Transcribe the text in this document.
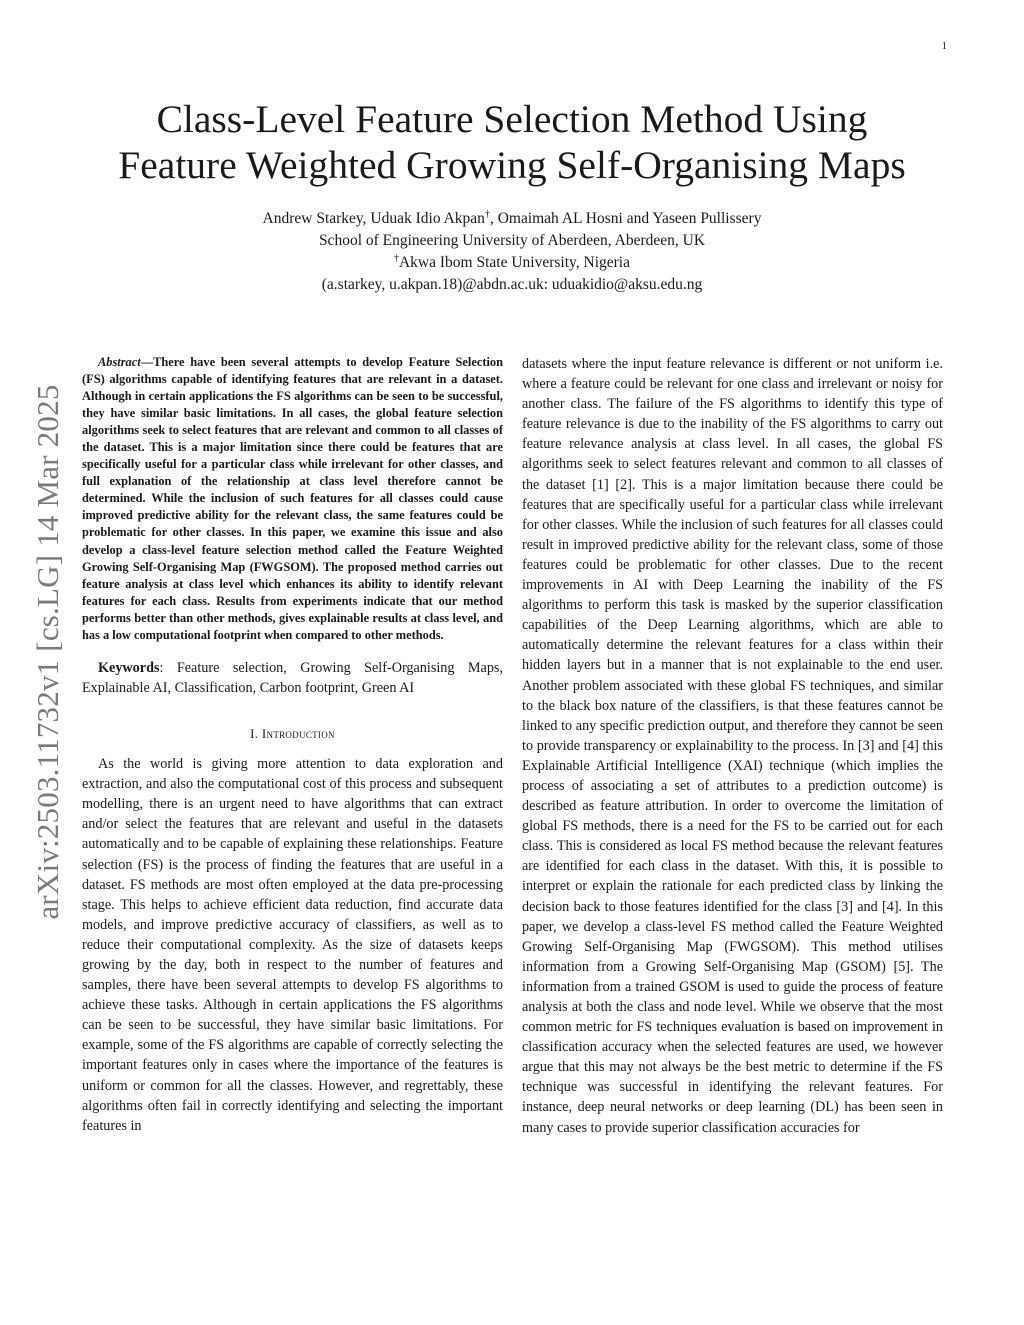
1
arXiv:2503.11732v1 [cs.LG] 14 Mar 2025
Class-Level Feature Selection Method Using
Feature Weighted Growing Self-Organising Maps
Andrew Starkey, Uduak Idio Akpan†, Omaimah AL Hosni and Yaseen Pullissery
School of Engineering University of Aberdeen, Aberdeen, UK
†Akwa Ibom State University, Nigeria
(a.starkey, u.akpan.18)@abdn.ac.uk: uduakidio@aksu.edu.ng

Abstract—There have been several attempts to develop Feature Selection (FS) algorithms capable of identifying features that are relevant in a dataset. Although in certain applications the FS algorithms can be seen to be successful, they have similar basic limitations. In all cases, the global feature selection algorithms seek to select features that are relevant and common to all classes of the dataset. This is a major limitation since there could be features that are specifically useful for a particular class while irrelevant for other classes, and full explanation of the relationship at class level therefore cannot be determined. While the inclusion of such features for all classes could cause improved predictive ability for the relevant class, the same features could be problematic for other classes. In this paper, we examine this issue and also develop a class-level feature selection method called the Feature Weighted Growing Self-Organising Map (FWGSOM). The proposed method carries out feature analysis at class level which enhances its ability to identify relevant features for each class. Results from experiments indicate that our method performs better than other methods, gives explainable results at class level, and has a low computational footprint when compared to other methods.

Keywords: Feature selection, Growing Self-Organising Maps, Explainable AI, Classification, Carbon footprint, Green AI

I. Introduction

As the world is giving more attention to data exploration and extraction, and also the computational cost of this process and subsequent modelling, there is an urgent need to have algorithms that can extract and/or select the features that are relevant and useful in the datasets automatically and to be capable of explaining these relationships. Feature selection (FS) is the process of finding the features that are useful in a dataset. FS methods are most often employed at the data pre-processing stage. This helps to achieve efficient data reduction, find accurate data models, and improve predictive accuracy of classifiers, as well as to reduce their computational complexity. As the size of datasets keeps growing by the day, both in respect to the number of features and samples, there have been several attempts to develop FS algorithms to achieve these tasks. Although in certain applications the FS algorithms can be seen to be successful, they have similar basic limitations. For example, some of the FS algorithms are capable of correctly selecting the important features only in cases where the importance of the features is uniform or common for all the classes. However, and regrettably, these algorithms often fail in correctly identifying and selecting the important features in

datasets where the input feature relevance is different or not uniform i.e. where a feature could be relevant for one class and irrelevant or noisy for another class. The failure of the FS algorithms to identify this type of feature relevance is due to the inability of the FS algorithms to carry out feature relevance analysis at class level. In all cases, the global FS algorithms seek to select features relevant and common to all classes of the dataset [1] [2]. This is a major limitation because there could be features that are specifically useful for a particular class while irrelevant for other classes. While the inclusion of such features for all classes could result in improved predictive ability for the relevant class, some of those features could be problematic for other classes. Due to the recent improvements in AI with Deep Learning the inability of the FS algorithms to perform this task is masked by the superior classification capabilities of the Deep Learning algorithms, which are able to automatically determine the relevant features for a class within their hidden layers but in a manner that is not explainable to the end user. Another problem associated with these global FS techniques, and similar to the black box nature of the classifiers, is that these features cannot be linked to any specific prediction output, and therefore they cannot be seen to provide transparency or explainability to the process. In [3] and [4] this Explainable Artificial Intelligence (XAI) technique (which implies the process of associating a set of attributes to a prediction outcome) is described as feature attribution. In order to overcome the limitation of global FS methods, there is a need for the FS to be carried out for each class. This is considered as local FS method because the relevant features are identified for each class in the dataset. With this, it is possible to interpret or explain the rationale for each predicted class by linking the decision back to those features identified for the class [3] and [4]. In this paper, we develop a class-level FS method called the Feature Weighted Growing Self-Organising Map (FWGSOM). This method utilises information from a Growing Self-Organising Map (GSOM) [5]. The information from a trained GSOM is used to guide the process of feature analysis at both the class and node level. While we observe that the most common metric for FS techniques evaluation is based on improvement in classification accuracy when the selected features are used, we however argue that this may not always be the best metric to determine if the FS technique was successful in identifying the relevant features. For instance, deep neural networks or deep learning (DL) has been seen in many cases to provide superior classification accuracies for
